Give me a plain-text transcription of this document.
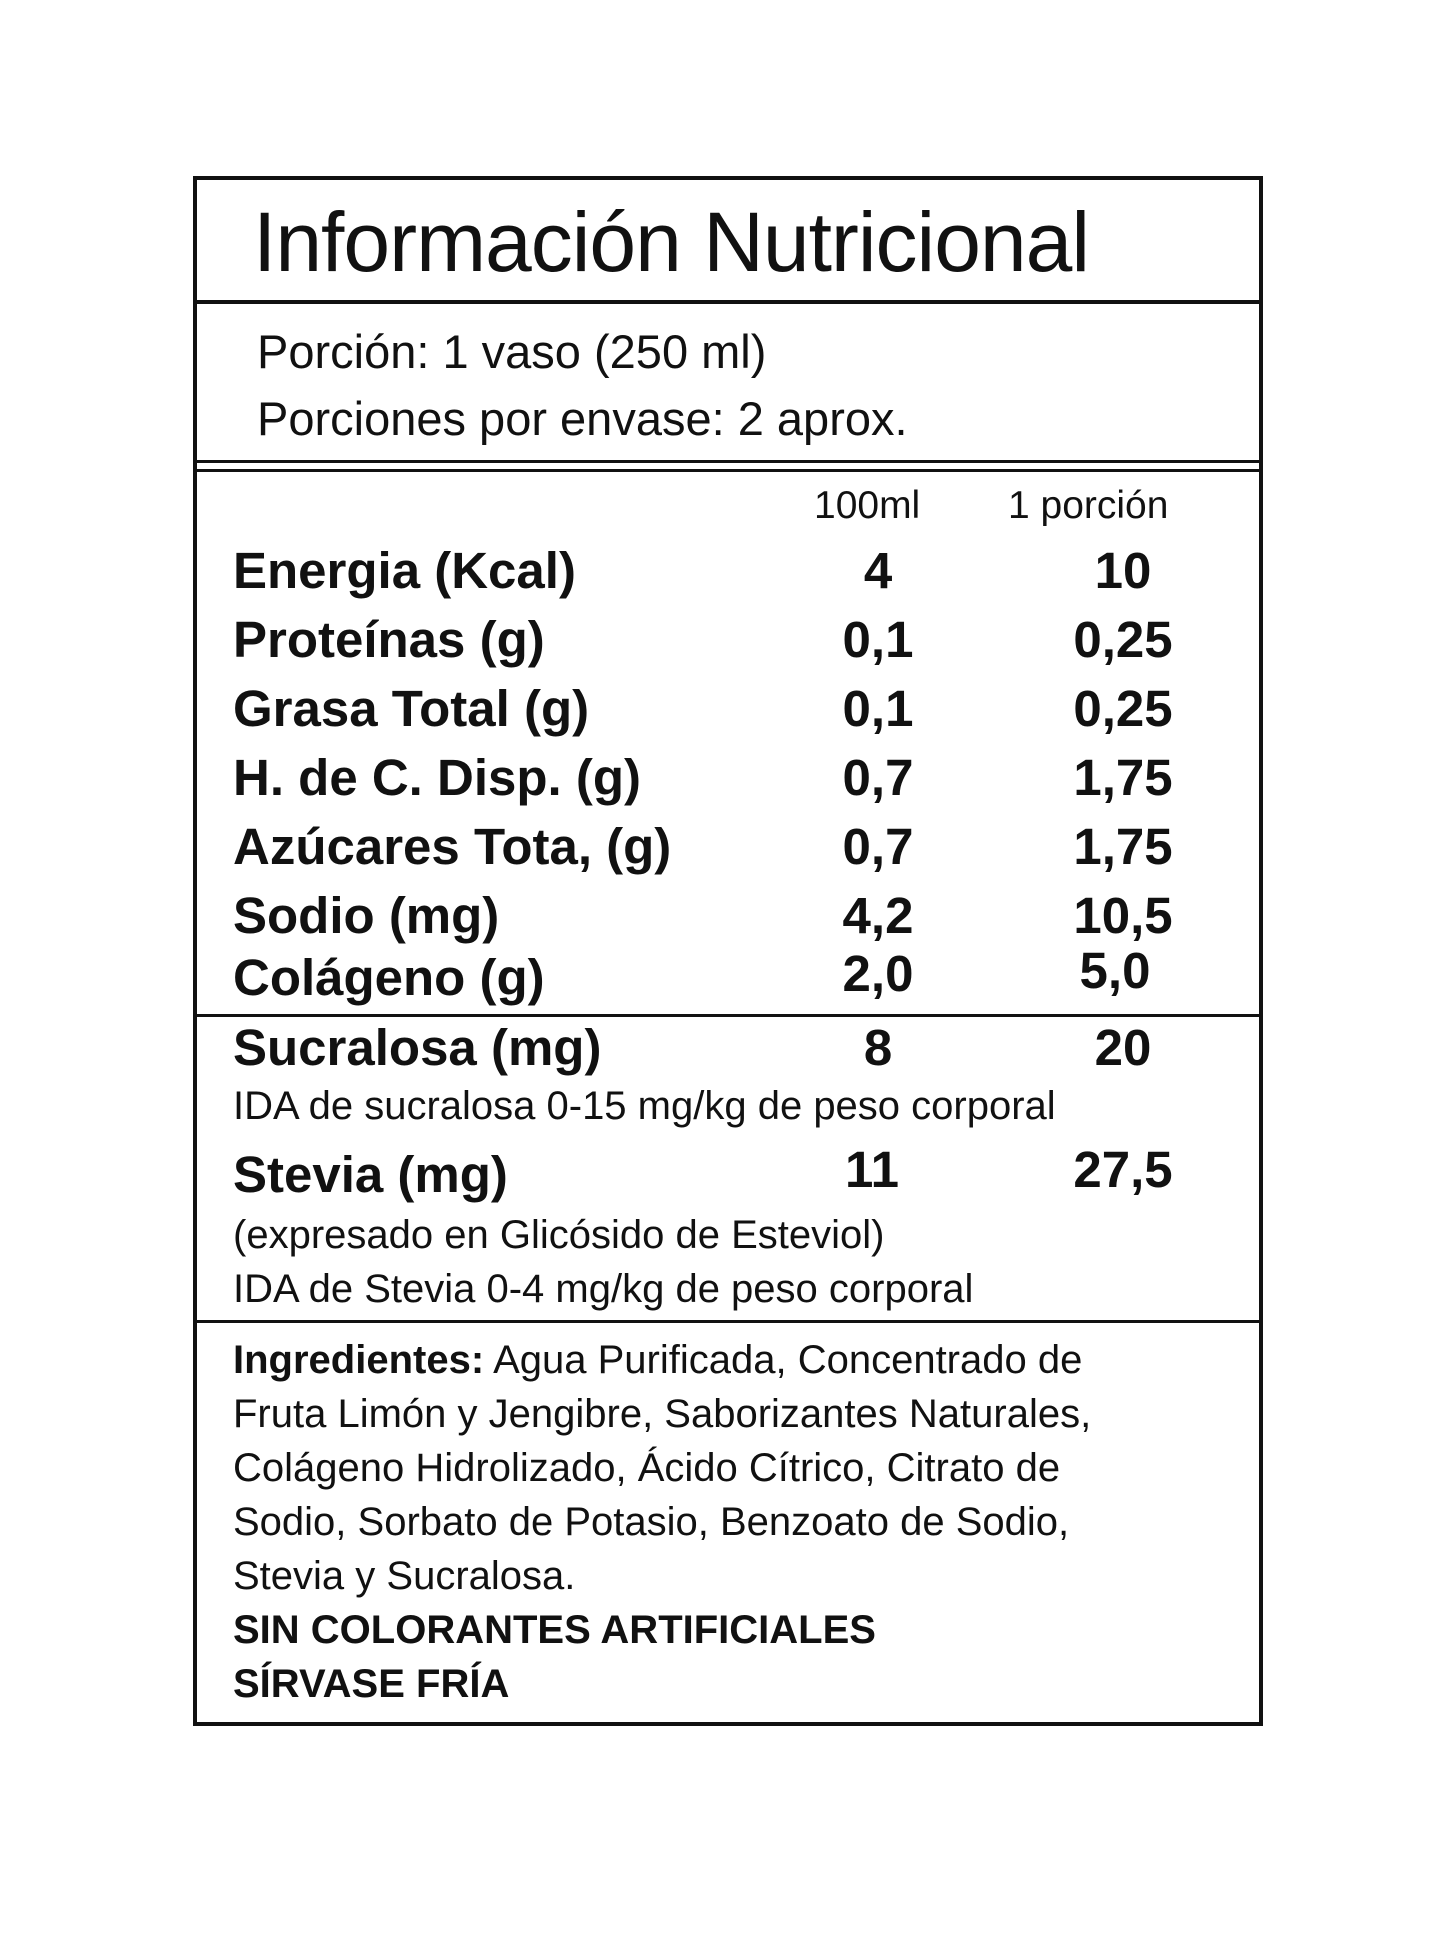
Información Nutricional
Porción: 1 vaso (250 ml)
Porciones por envase: 2 aprox.
100ml 1 porción
Energia (Kcal)	4	10
Proteínas (g)	0,1	0,25
Grasa Total (g)	0,1	0,25
H. de C. Disp. (g)	0,7	1,75
Azúcares Tota, (g)	0,7	1,75
Sodio (mg)	4,2	10,5
Colágeno (g)	2,0	5,0
Sucralosa (mg)	8	20
IDA de sucralosa 0-15 mg/kg de peso corporal
Stevia (mg)	11	27,5
(expresado en Glicósido de Esteviol)
IDA de Stevia 0-4 mg/kg de peso corporal
Ingredientes: Agua Purificada, Concentrado de
Fruta Limón y Jengibre, Saborizantes Naturales,
Colágeno Hidrolizado, Ácido Cítrico, Citrato de
Sodio, Sorbato de Potasio, Benzoato de Sodio,
Stevia y Sucralosa.
SIN COLORANTES ARTIFICIALES
SÍRVASE FRÍA
